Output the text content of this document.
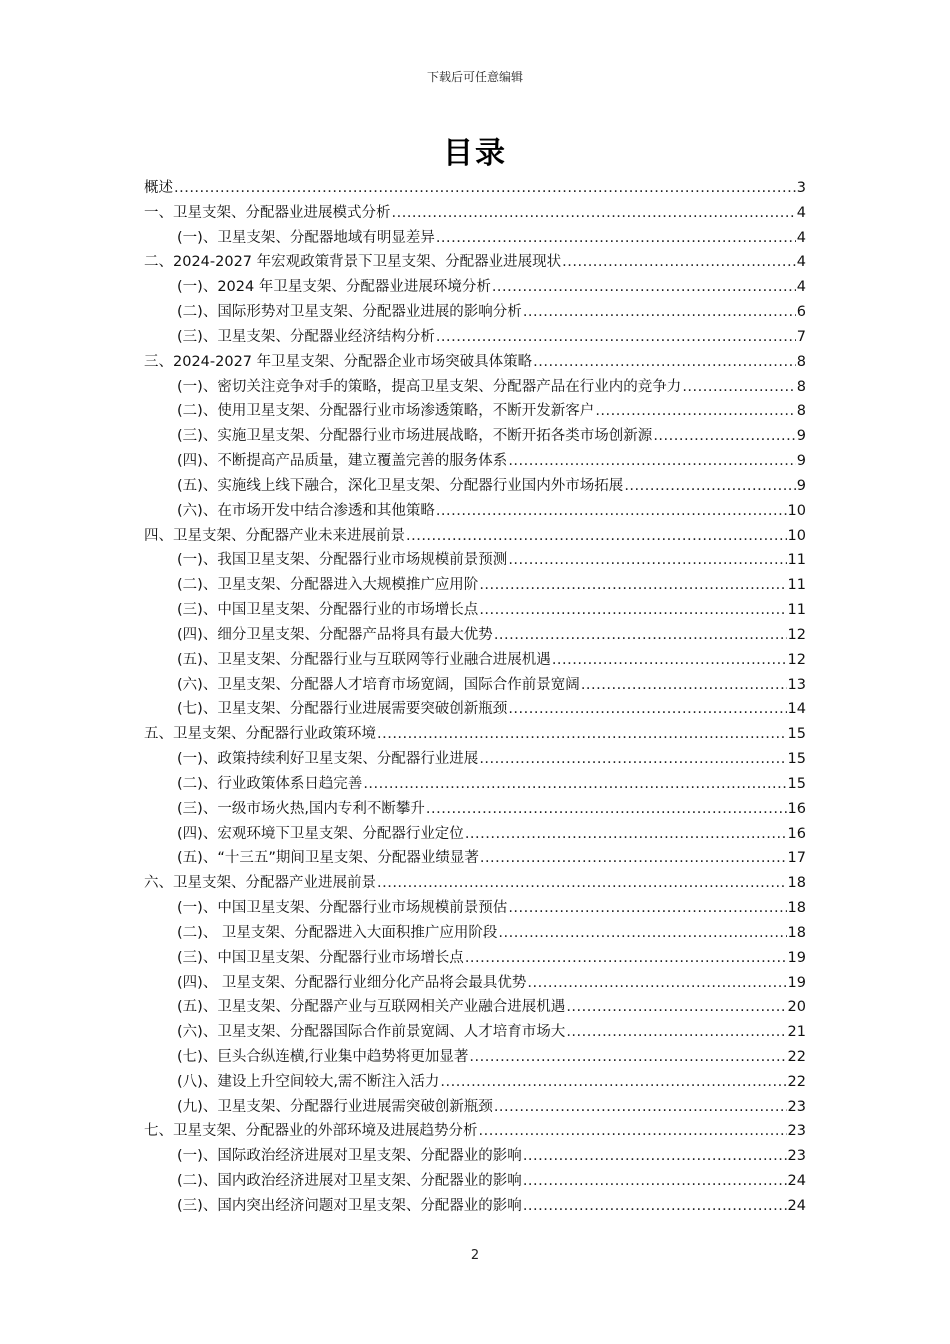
下载后可任意编辑
目录
概述 .....	3
一、卫星支架、分配器业进展模式分析 .....	4
(一)、卫星支架、分配器地域有明显差异 .....	4
二、2024-2027 年宏观政策背景下卫星支架、分配器业进展现状 .....	4
(一)、2024 年卫星支架、分配器业进展环境分析 .....	4
(二)、国际形势对卫星支架、分配器业进展的影响分析 .....	6
(三)、卫星支架、分配器业经济结构分析 .....	7
三、2024-2027 年卫星支架、分配器企业市场突破具体策略 .....	8
(一)、密切关注竞争对手的策略，提高卫星支架、分配器产品在行业内的竞争力 .....	8
(二)、使用卫星支架、分配器行业市场渗透策略，不断开发新客户 .....	8
(三)、实施卫星支架、分配器行业市场进展战略，不断开拓各类市场创新源 .....	9
(四)、不断提高产品质量，建立覆盖完善的服务体系 .....	9
(五)、实施线上线下融合，深化卫星支架、分配器行业国内外市场拓展 .....	9
(六)、在市场开发中结合渗透和其他策略 .....	10
四、卫星支架、分配器产业未来进展前景 .....	10
(一)、我国卫星支架、分配器行业市场规模前景预测 .....	11
(二)、卫星支架、分配器进入大规模推广应用阶 .....	11
(三)、中国卫星支架、分配器行业的市场增长点 .....	11
(四)、细分卫星支架、分配器产品将具有最大优势 .....	12
(五)、卫星支架、分配器行业与互联网等行业融合进展机遇 .....	12
(六)、卫星支架、分配器人才培育市场宽阔，国际合作前景宽阔 .....	13
(七)、卫星支架、分配器行业进展需要突破创新瓶颈 .....	14
五、卫星支架、分配器行业政策环境 .....	15
(一)、政策持续利好卫星支架、分配器行业进展 .....	15
(二)、行业政策体系日趋完善 .....	15
(三)、一级市场火热,国内专利不断攀升 .....	16
(四)、宏观环境下卫星支架、分配器行业定位 .....	16
(五)、“十三五”期间卫星支架、分配器业绩显著 .....	17
六、卫星支架、分配器产业进展前景 .....	18
(一)、中国卫星支架、分配器行业市场规模前景预估 .....	18
(二)、 卫星支架、分配器进入大面积推广应用阶段 .....	18
(三)、中国卫星支架、分配器行业市场增长点 .....	19
(四)、 卫星支架、分配器行业细分化产品将会最具优势 .....	19
(五)、卫星支架、分配器产业与互联网相关产业融合进展机遇 .....	20
(六)、卫星支架、分配器国际合作前景宽阔、人才培育市场大 .....	21
(七)、巨头合纵连横,行业集中趋势将更加显著 .....	22
(八)、建设上升空间较大,需不断注入活力 .....	22
(九)、卫星支架、分配器行业进展需突破创新瓶颈 .....	23
七、卫星支架、分配器业的外部环境及进展趋势分析 .....	23
(一)、国际政治经济进展对卫星支架、分配器业的影响 .....	23
(二)、国内政治经济进展对卫星支架、分配器业的影响 .....	24
(三)、国内突出经济问题对卫星支架、分配器业的影响 .....	24
2
